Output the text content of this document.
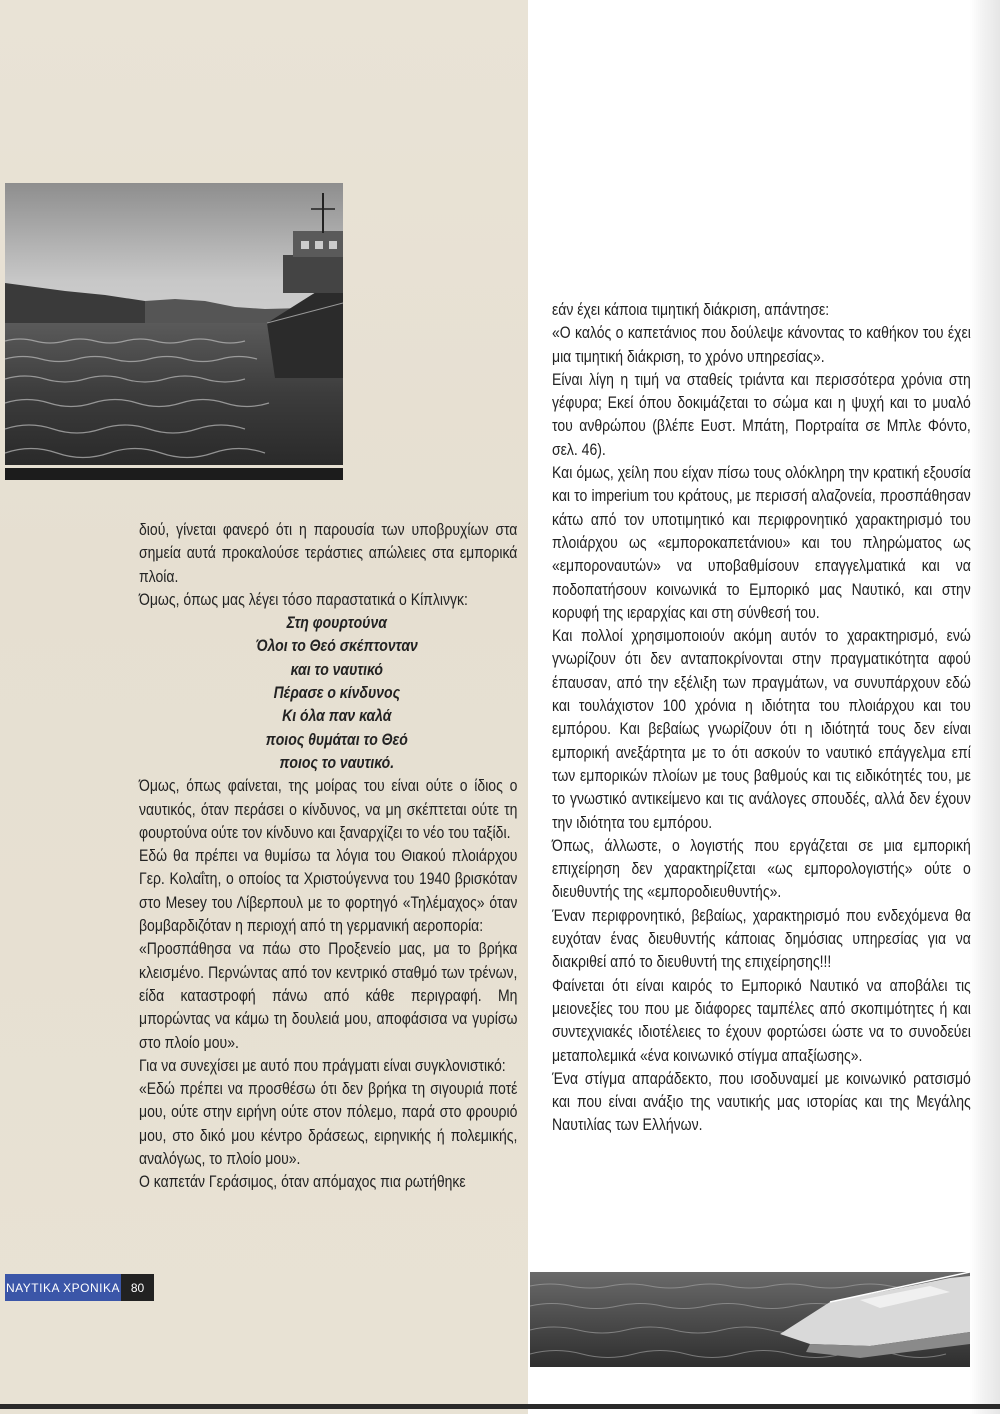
διού, γίνεται φανερό ότι η παρουσία των υποβρυχίων στα σημεία αυτά προκαλούσε τεράστιες απώλειες στα εμπορικά πλοία.

Όμως, όπως μας λέγει τόσο παραστατικά ο Κίπλινγκ:

Στη φουρτούνα
Όλοι το Θεό σκέπτονταν
και το ναυτικό
Πέρασε ο κίνδυνος
Κι όλα παν καλά
ποιος θυμάται το Θεό
ποιος το ναυτικό.

Όμως, όπως φαίνεται, της μοίρας του είναι ούτε ο ίδιος ο ναυτικός, όταν περάσει ο κίνδυνος, να μη σκέπτεται ούτε τη φουρτούνα ούτε τον κίνδυνο και ξαναρχίζει το νέο του ταξίδι.

Εδώ θα πρέπει να θυμίσω τα λόγια του Θιακού πλοιάρχου Γερ. Κολαΐτη, ο οποίος τα Χριστούγεννα του 1940 βρισκόταν στο Mesey του Λίβερπουλ με το φορτηγό «Τηλέμαχος» όταν βομβαρδιζόταν η περιοχή από τη γερμανική αεροπορία:

«Προσπάθησα να πάω στο Προξενείο μας, μα το βρήκα κλεισμένο. Περνώντας από τον κεντρικό σταθμό των τρένων, είδα καταστροφή πάνω από κάθε περιγραφή. Μη μπορώντας να κάμω τη δουλειά μου, αποφάσισα να γυρίσω στο πλοίο μου».

Για να συνεχίσει με αυτό που πράγματι είναι συγκλονιστικό:

«Εδώ πρέπει να προσθέσω ότι δεν βρήκα τη σιγουριά ποτέ μου, ούτε στην ειρήνη ούτε στον πόλεμο, παρά στο φρουριό μου, στο δικό μου κέντρο δράσεως, ειρηνικής ή πολεμικής, αναλόγως, το πλοίο μου».

Ο καπετάν Γεράσιμος, όταν απόμαχος πια ρωτήθηκε

εάν έχει κάποια τιμητική διάκριση, απάντησε:

«Ο καλός ο καπετάνιος που δούλεψε κάνοντας το καθήκον του έχει μια τιμητική διάκριση, το χρόνο υπηρεσίας».

Είναι λίγη η τιμή να σταθείς τριάντα και περισσότερα χρόνια στη γέφυρα; Εκεί όπου δοκιμάζεται το σώμα και η ψυχή και το μυαλό του ανθρώπου (βλέπε Ευστ. Μπάτη, Πορτραίτα σε Μπλε Φόντο, σελ. 46).

Και όμως, χείλη που είχαν πίσω τους ολόκληρη την κρατική εξουσία και το imperium του κράτους, με περισσή αλαζονεία, προσπάθησαν κάτω από τον υποτιμητικό και περιφρονητικό χαρακτηρισμό του πλοιάρχου ως «εμποροκαπετάνιου» και του πληρώματος ως «εμποροναυτών» να υποβαθμίσουν επαγγελματικά και να ποδοπατήσουν κοινωνικά το Εμπορικό μας Ναυτικό, και στην κορυφή της ιεραρχίας και στη σύνθεσή του.

Και πολλοί χρησιμοποιούν ακόμη αυτόν το χαρακτηρισμό, ενώ γνωρίζουν ότι δεν ανταποκρίνονται στην πραγματικότητα αφού έπαυσαν, από την εξέλιξη των πραγμάτων, να συνυπάρχουν εδώ και τουλάχιστον 100 χρόνια η ιδιότητα του πλοιάρχου και του εμπόρου. Και βεβαίως γνωρίζουν ότι η ιδιότητά τους δεν είναι εμπορική ανεξάρτητα με το ότι ασκούν το ναυτικό επάγγελμα επί των εμπορικών πλοίων με τους βαθμούς και τις ειδικότητές του, με το γνωστικό αντικείμενο και τις ανάλογες σπουδές, αλλά δεν έχουν την ιδιότητα του εμπόρου.

Όπως, άλλωστε, ο λογιστής που εργάζεται σε μια εμπορική επιχείρηση δεν χαρακτηρίζεται «ως εμπορολογιστής» ούτε ο διευθυντής της «εμποροδιευθυντής».

Έναν περιφρονητικό, βεβαίως, χαρακτηρισμό που ενδεχόμενα θα ευχόταν ένας διευθυντής κάποιας δημόσιας υπηρεσίας για να διακριθεί από το διευθυντή της επιχείρησης!!!

Φαίνεται ότι είναι καιρός το Εμπορικό Ναυτικό να αποβάλει τις μειονεξίες του που με διάφορες ταμπέλες από σκοπιμότητες ή και συντεχνιακές ιδιοτέλειες το έχουν φορτώσει ώστε να το συνοδεύει μεταπολεμικά «ένα κοινωνικό στίγμα απαξίωσης».

Ένα στίγμα απαράδεκτο, που ισοδυναμεί με κοινωνικό ρατσισμό και που είναι ανάξιο της ναυτικής μας ιστορίας και της Μεγάλης Ναυτιλίας των Ελλήνων.

ΝΑΥΤΙΚΑ ΧΡΟΝΙΚΑ 80
